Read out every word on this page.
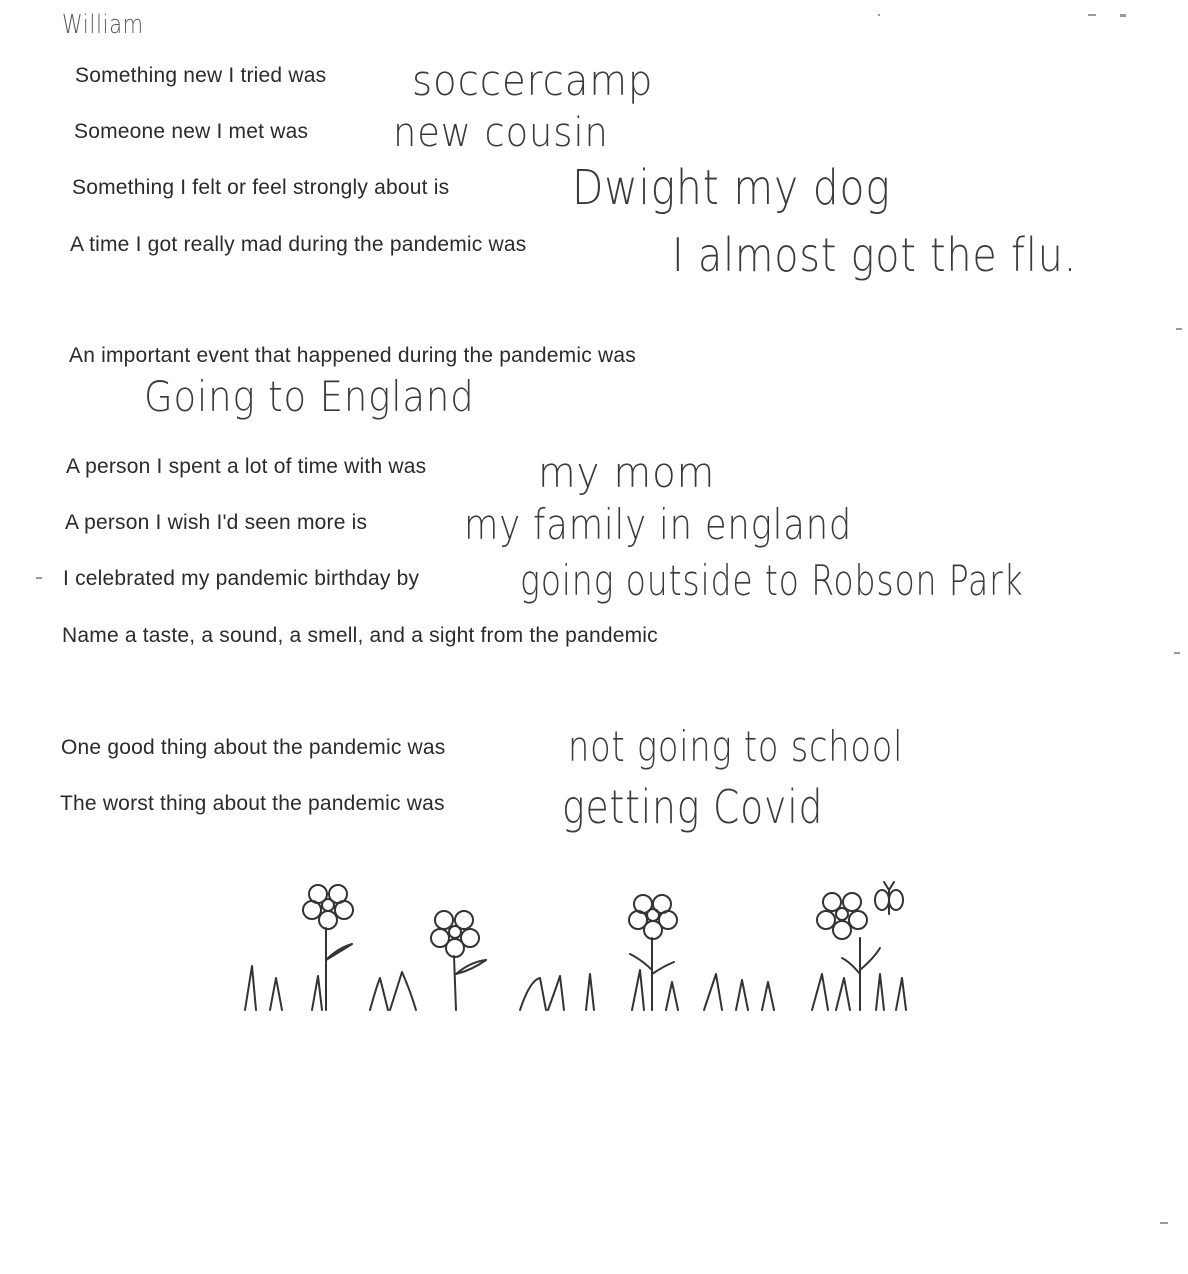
William
Something new I tried was soccercamp
Someone new I met was new cousin
Something I felt or feel strongly about is	Dwight my dog
A time I got really mad during the pandemic was	I almost got the flu.
An important event that happened during the pandemic was
Going to England
A person I spent a lot of time with was	my mom
A person I wish I'd seen more is my family in england
I celebrated my pandemic birthday by going outside to Robson Park
Name a taste, a sound, a smell, and a sight from the pandemic
One good thing about the pandemic was	not going to school
The worst thing about the pandemic was	getting Covid
